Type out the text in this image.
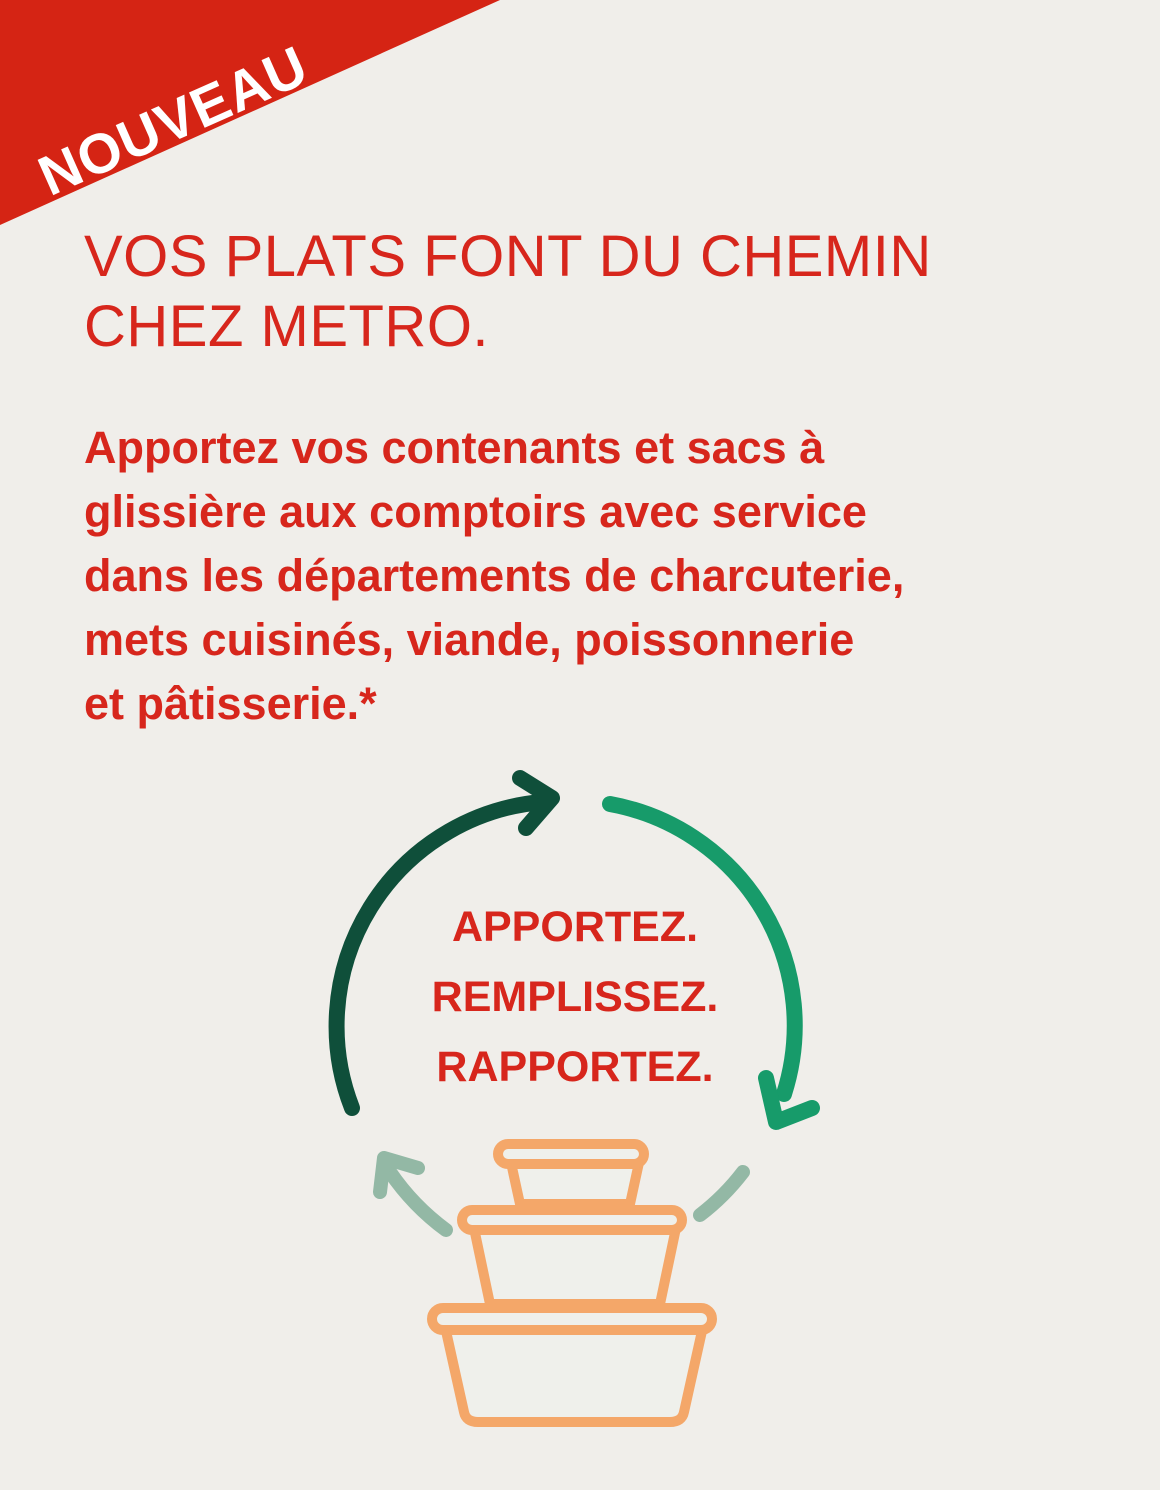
NOUVEAU
VOS PLATS FONT DU CHEMIN
CHEZ METRO.
Apportez vos contenants et sacs à
glissière aux comptoirs avec service
dans les départements de charcuterie,
mets cuisinés, viande, poissonnerie
et pâtisserie.*
APPORTEZ.
REMPLISSEZ.
RAPPORTEZ.
